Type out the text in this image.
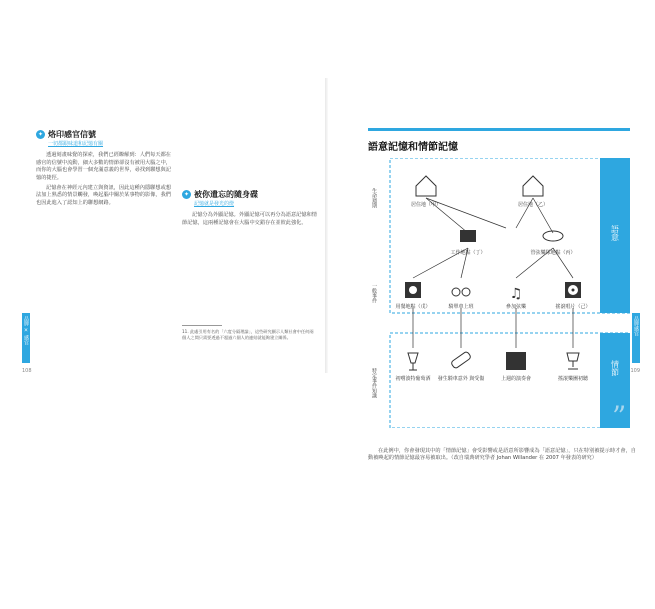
品牌 × 感官
108
✦ 烙印感官信號
一切都跟味道和記憶有關

透過刻畫味覺的探索，我們已經瞭解到：人們每天都在感官的信號中流動，細大多數的情節卻沒有被用大腦之中，而你的大腦也會學習一個充滿意義的世界，尋找到聯想與記憶的捷徑。

記憶會在神經元內建立與資訊，因此這種內隱聯想或想法加上熟悉的情景觸發，喚起腦中關於某事物的影像，我們也因此進入了認知上的聯想網路。

✦ 被你遺忘的隨身碟
記憶就是發光的燈

記憶分為外顯記憶。外顯記憶可以再分為語意記憶和情節記憶，這兩種記憶會在大腦中交錯存在並彼此強化。

11. 此處引用有名的「六度分隔理論」，這些研究顯示人類社會中任何兩個人之間只需要透過不超過六個人的連結就能夠建立關係。
品牌感官
109
語意記憶和情節記憶
語意
情節
生命週期
一般事件
特定事件知識
居住地（甲）	居住地（乙）
工作地點（丁）	管弦樂隊地點（丙）
用餐地點（戊）	騎單車上班
♫
參加弦樂	搖滾唱片（己）
初嚐波特葡萄酒 發生騎車意外 與受傷	上週的演奏會	搖滾樂團初聽
在此例中，你會發現其中的「情節記憶」會受影響或是語意所影響成為「語意記憶」，只在特別被提示時才會，自動被喚起的情節記憶最容易被取出。（改自瑞典研究學者 Johan Willander 在 2007 年發表的研究）
”
